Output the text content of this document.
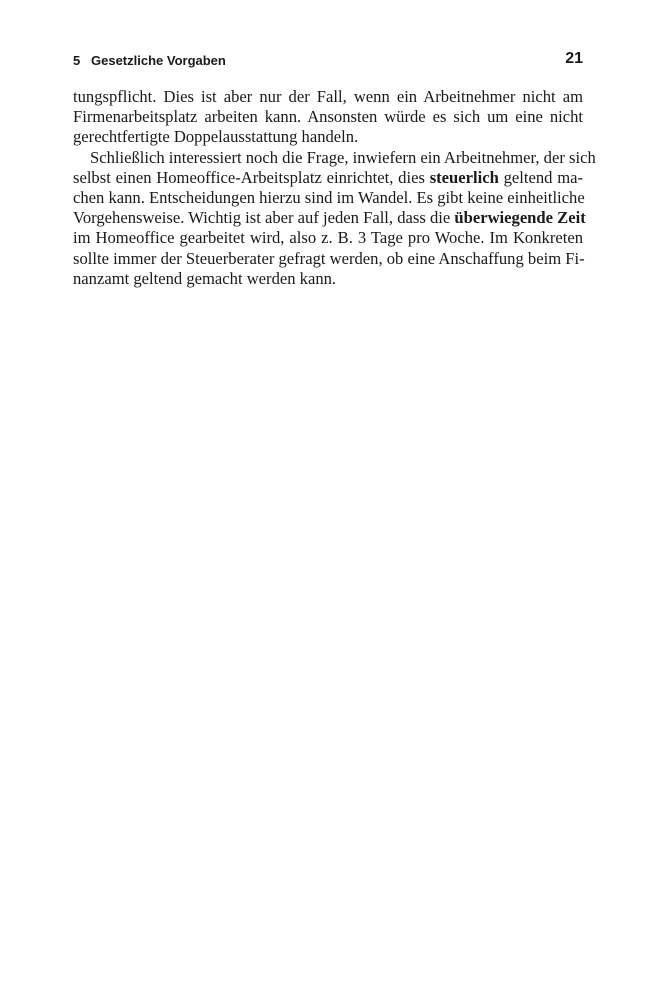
5 Gesetzliche Vorgaben	21

tungspflicht. Dies ist aber nur der Fall, wenn ein Arbeitnehmer nicht am
Firmenarbeitsplatz arbeiten kann. Ansonsten würde es sich um eine nicht
gerechtfertigte Doppelausstattung handeln.

Schließlich interessiert noch die Frage, inwiefern ein Arbeitnehmer, der sich
selbst einen Homeoffice-Arbeitsplatz einrichtet, dies steuerlich geltend ma-
chen kann. Entscheidungen hierzu sind im Wandel. Es gibt keine einheitliche
Vorgehensweise. Wichtig ist aber auf jeden Fall, dass die überwiegende Zeit
im Homeoffice gearbeitet wird, also z. B. 3 Tage pro Woche. Im Konkreten
sollte immer der Steuerberater gefragt werden, ob eine Anschaffung beim Fi-
nanzamt geltend gemacht werden kann.
